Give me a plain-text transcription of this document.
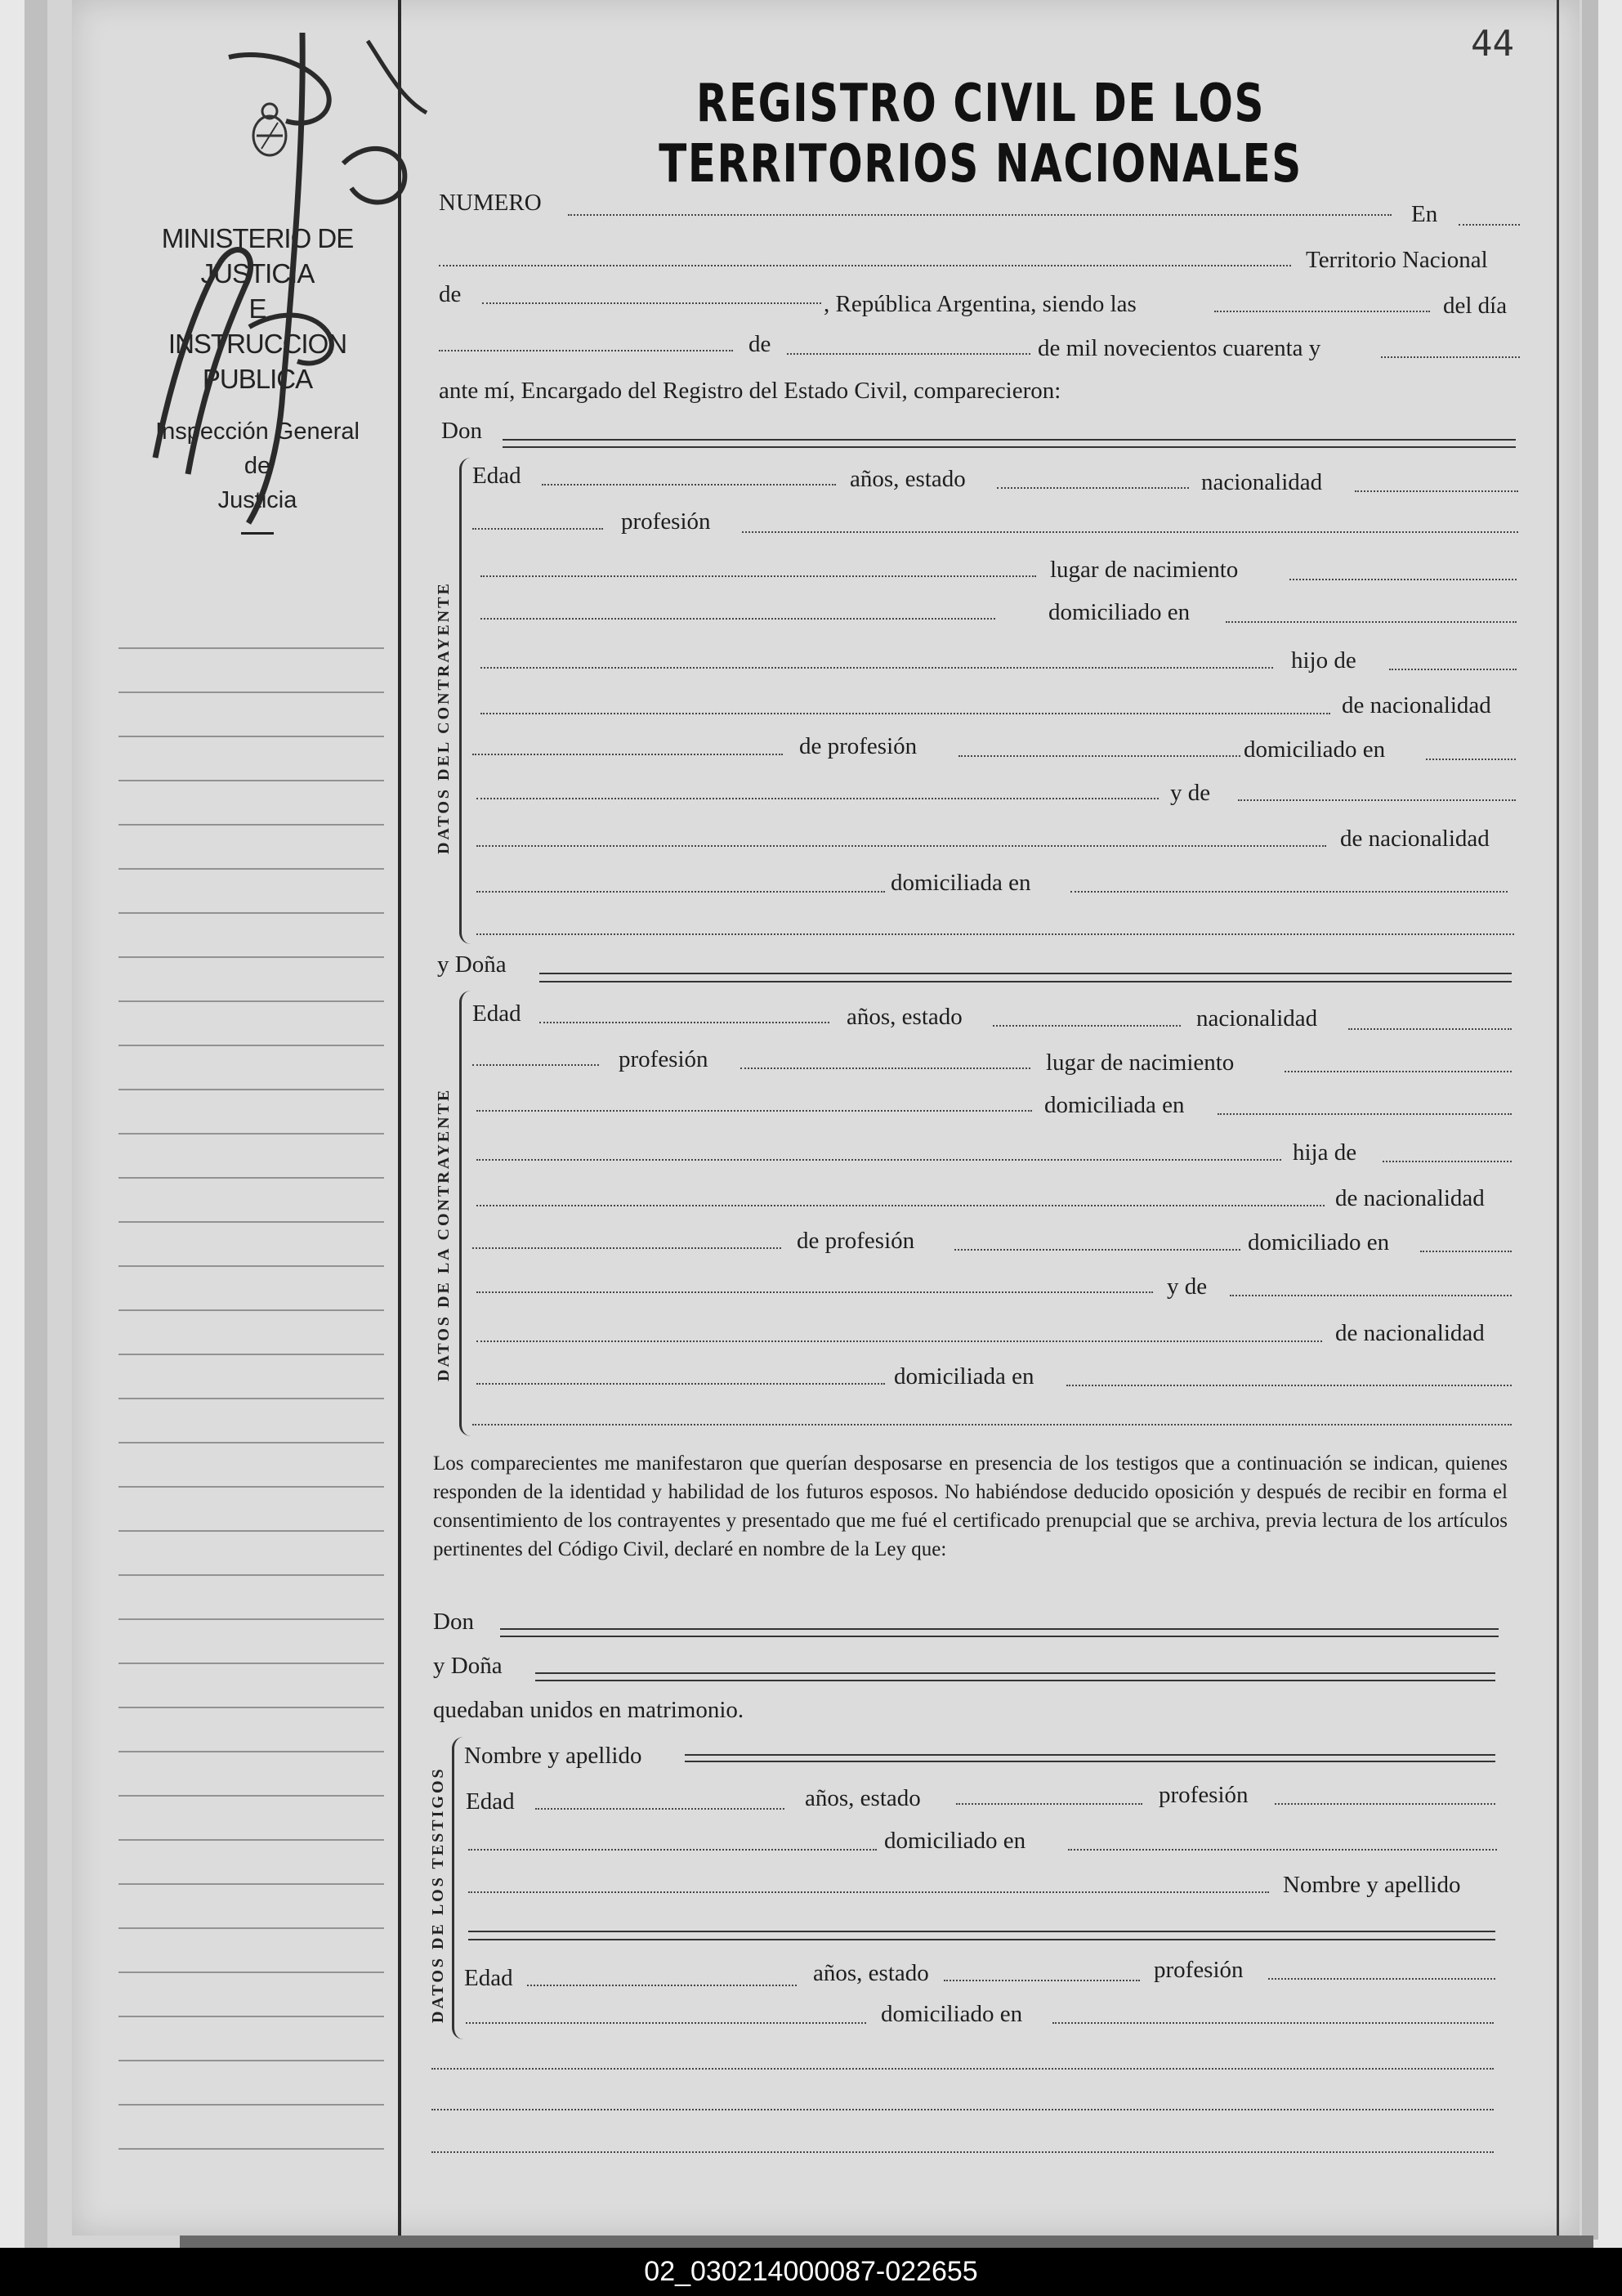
MINISTERIO DE JUSTICIA
E
INSTRUCCION PUBLICA
Inspección General
de
Justicia
44
REGISTRO CIVIL DE LOS TERRITORIOS NACIONALES
NUMERO	En
Territorio Nacional
de	, República Argentina, siendo las	del día
de	de mil novecientos cuarenta y
ante mí, Encargado del Registro del Estado Civil, comparecieron:
Don
DATOS DEL CONTRAYENTE
Edad	años, estado	nacionalidad
profesión
lugar de nacimiento
domiciliado en
hijo de
de nacionalidad
de profesión	domiciliado en
y de
de nacionalidad
domiciliada en
y Doña
DATOS DE LA CONTRAYENTE
Edad	años, estado	nacionalidad
profesión	lugar de nacimiento
domiciliada en
hija de
de nacionalidad
de profesión	domiciliado en
y de
de nacionalidad
domiciliada en
Los comparecientes me manifestaron que querían desposarse en presencia de los testigos que a continuación se indican, quienes responden de la identidad y habilidad de los futuros esposos. No habiéndose deducido oposición y después de recibir en forma el consentimiento de los contrayentes y presentado que me fué el certificado prenupcial que se archiva, previa lectura de los artículos pertinentes del Código Civil, declaré en nombre de la Ley que:
Don
y Doña
quedaban unidos en matrimonio.
DATOS DE LOS TESTIGOS
Nombre y apellido
Edad	años, estado	profesión
domiciliado en
Nombre y apellido
Edad	años, estado	profesión
domiciliado en
02_030214000087-022655
